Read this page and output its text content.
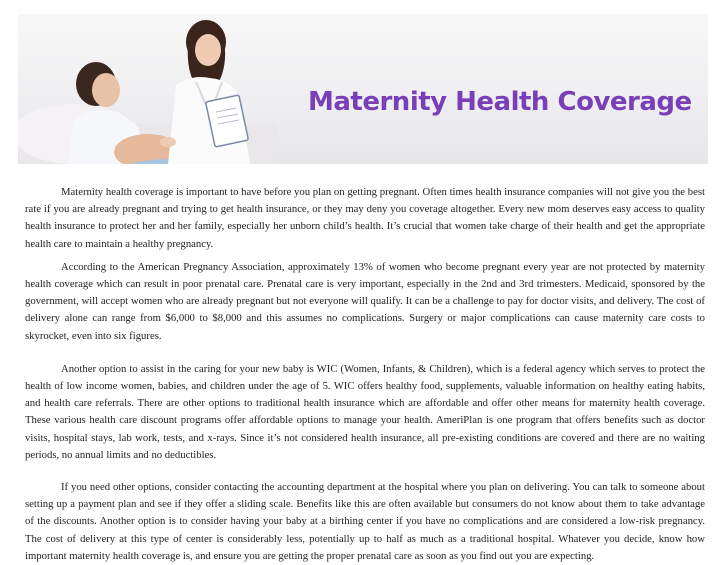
Maternity Health Coverage

Maternity health coverage is important to have before you plan on getting pregnant. Often times health insurance companies will not give you the best rate if you are already pregnant and trying to get health insurance, or they may deny you coverage altogether. Every new mom deserves easy access to quality health insurance to protect her and her family, especially her unborn child’s health. It’s crucial that women take charge of their health and get the appropriate health care to maintain a healthy pregnancy.

According to the American Pregnancy Association, approximately 13% of women who become pregnant every year are not protected by maternity health coverage which can result in poor prenatal care. Prenatal care is very important, especially in the 2nd and 3rd trimesters. Medicaid, sponsored by the government, will accept women who are already pregnant but not everyone will qualify. It can be a challenge to pay for doctor visits, and delivery. The cost of delivery alone can range from $6,000 to $8,000 and this assumes no complications. Surgery or major complications can cause maternity care costs to skyrocket, even into six figures.

Another option to assist in the caring for your new baby is WIC (Women, Infants, & Children), which is a federal agency which serves to protect the health of low income women, babies, and children under the age of 5. WIC offers healthy food, supplements, valuable information on healthy eating habits, and health care referrals. There are other options to traditional health insurance which are affordable and offer other means for maternity health coverage. These various health care discount programs offer affordable options to manage your health. AmeriPlan is one program that offers benefits such as doctor visits, hospital stays, lab work, tests, and x-rays. Since it’s not considered health insurance, all pre-existing conditions are covered and there are no waiting periods, no annual limits and no deductibles.

If you need other options, consider contacting the accounting department at the hospital where you plan on delivering. You can talk to someone about setting up a payment plan and see if they offer a sliding scale. Benefits like this are often available but consumers do not know about them to take advantage of the discounts. Another option is to consider having your baby at a birthing center if you have no complications and are considered a low-risk pregnancy. The cost of delivery at this type of center is considerably less, potentially up to half as much as a traditional hospital. Whatever you decide, know how important maternity health coverage is, and ensure you are getting the proper prenatal care as soon as you find out you are expecting.
